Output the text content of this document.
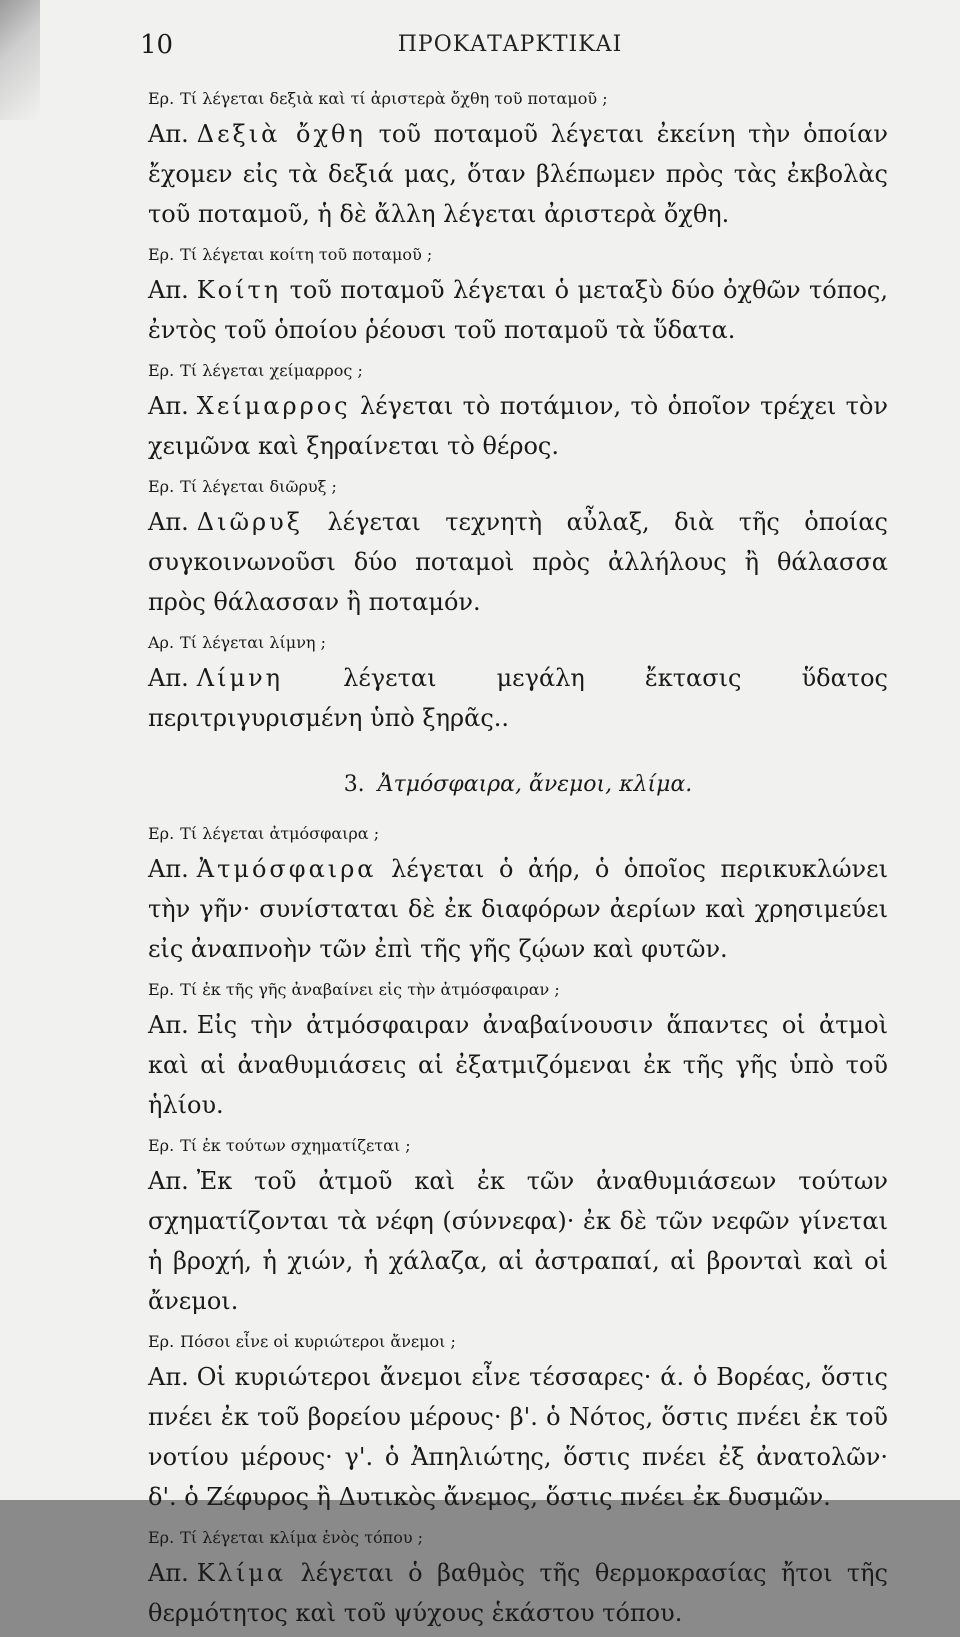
10	ΠΡΟΚΑΤΑΡΚΤΙΚΑΙ
Ερ. Τί λέγεται δεξιὰ καὶ τί ἀριστερὰ ὄχθη τοῦ ποταμοῦ ;
Απ. Δεξιὰ ὄχθη τοῦ ποταμοῦ λέγεται ἐκείνη τὴν ὁποίαν ἔχομεν εἰς τὰ δεξιά μας, ὅταν βλέπωμεν πρὸς τὰς ἐκβολὰς τοῦ ποταμοῦ, ἡ δὲ ἄλλη λέγεται ἀριστερὰ ὄχθη.
Ερ. Τί λέγεται κοίτη τοῦ ποταμοῦ ;
Απ. Κοίτη τοῦ ποταμοῦ λέγεται ὁ μεταξὺ δύο ὀχθῶν τόπος, ἐντὸς τοῦ ὁποίου ῥέουσι τοῦ ποταμοῦ τὰ ὕδατα.
Ερ. Τί λέγεται χείμαρρος ;
Απ. Χείμαρρος λέγεται τὸ ποτάμιον, τὸ ὁποῖον τρέχει τὸν χειμῶνα καὶ ξηραίνεται τὸ θέρος.
Ερ. Τί λέγεται διῶρυξ ;
Απ. Διῶρυξ λέγεται τεχνητὴ αὖλαξ, διὰ τῆς ὁποίας συγκοινωνοῦσι δύο ποταμοὶ πρὸς ἀλλήλους ἢ θάλασσα πρὸς θάλασσαν ἢ ποταμόν.
Αρ. Τί λέγεται λίμνη ;
Απ. Λίμνη	λέγεται μεγάλη ἔκτασις ὕδατος περιτριγυρισμένη ὑπὸ ξηρᾶς..
3. Ἀτμόσφαιρα, ἄνεμοι, κλίμα.
Ερ. Τί λέγεται ἀτμόσφαιρα ;
Απ. Ἀτμόσφαιρα λέγεται ὁ ἀήρ, ὁ ὁποῖος περικυκλώνει τὴν γῆν· συνίσταται δὲ ἐκ διαφόρων ἀερίων καὶ χρησιμεύει εἰς ἀναπνοὴν τῶν ἐπὶ τῆς γῆς ζῴων καὶ φυτῶν.
Ερ. Τί ἐκ τῆς γῆς ἀναβαίνει εἰς τὴν ἀτμόσφαιραν ;
Απ. Εἰς τὴν ἀτμόσφαιραν ἀναβαίνουσιν ἅπαντες οἱ ἀτμοὶ καὶ αἱ ἀναθυμιάσεις αἱ ἐξατμιζόμεναι ἐκ τῆς γῆς ὑπὸ τοῦ ἡλίου.
Ερ. Τί ἐκ τούτων σχηματίζεται ;
Απ. Ἐκ τοῦ ἀτμοῦ καὶ ἐκ τῶν ἀναθυμιάσεων τούτων σχηματίζονται τὰ νέφη (σύννεφα)· ἐκ δὲ τῶν νεφῶν γίνεται ἡ βροχή, ἡ χιών, ἡ χάλαζα, αἱ ἀστραπαί, αἱ βρονταὶ καὶ οἱ ἄνεμοι.
Ερ. Πόσοι εἶνε οἱ κυριώτεροι ἄνεμοι ;
Απ. Οἱ κυριώτεροι ἄνεμοι εἶνε τέσσαρες· ά. ὁ Βορέας, ὅστις πνέει ἐκ τοῦ βορείου μέρους· β'. ὁ Νότος, ὅστις πνέει ἐκ τοῦ νοτίου μέρους· γ'. ὁ Ἀπηλιώτης, ὅστις πνέει ἐξ ἀνατολῶν· δ'. ὁ Ζέφυρος ἢ Δυτικὸς ἄνεμος, ὅστις πνέει ἐκ δυσμῶν.
Ερ. Τί λέγεται κλίμα ἑνὸς τόπου ;
Απ. Κλίμα λέγεται ὁ βαθμὸς τῆς θερμοκρασίας ἤτοι τῆς θερμότητος καὶ τοῦ ψύχους ἑκάστου τόπου.
